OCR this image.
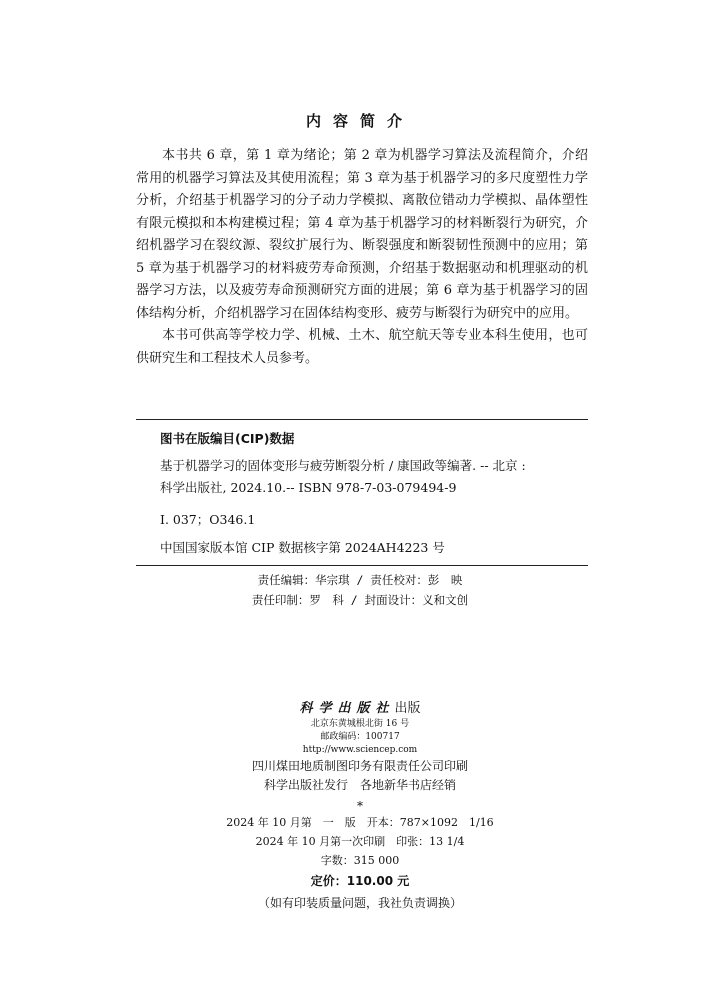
内容简介

本书共 6 章，第 1 章为绪论；第 2 章为机器学习算法及流程简介，介绍常用的机器学习算法及其使用流程；第 3 章为基于机器学习的多尺度塑性力学分析，介绍基于机器学习的分子动力学模拟、离散位错动力学模拟、晶体塑性有限元模拟和本构建模过程；第 4 章为基于机器学习的材料断裂行为研究，介绍机器学习在裂纹源、裂纹扩展行为、断裂强度和断裂韧性预测中的应用；第 5 章为基于机器学习的材料疲劳寿命预测，介绍基于数据驱动和机理驱动的机器学习方法，以及疲劳寿命预测研究方面的进展；第 6 章为基于机器学习的固体结构分析，介绍机器学习在固体结构变形、疲劳与断裂行为研究中的应用。

本书可供高等学校力学、机械、土木、航空航天等专业本科生使用，也可供研究生和工程技术人员参考。

图书在版编目(CIP)数据
基于机器学习的固体变形与疲劳断裂分析 / 康国政等编著. -- 北京 :
科学出版社, 2024.10.-- ISBN 978-7-03-079494-9
Ⅰ. 037；O346.1
中国国家版本馆 CIP 数据核字第 2024AH4223 号
责任编辑：华宗琪 / 责任校对：彭　映
责任印制：罗　科 / 封面设计：义和文创
科学出版社出版
北京东黄城根北街 16 号
邮政编码：100717
http://www.sciencep.com
四川煤田地质制图印务有限责任公司印刷
科学出版社发行　各地新华书店经销
*
2024 年 10 月第　一　版　开本：787×1092　1/16
2024 年 10 月第一次印刷　印张：13 1/4
字数：315 000
定价：110.00 元
（如有印装质量问题，我社负责调换）
